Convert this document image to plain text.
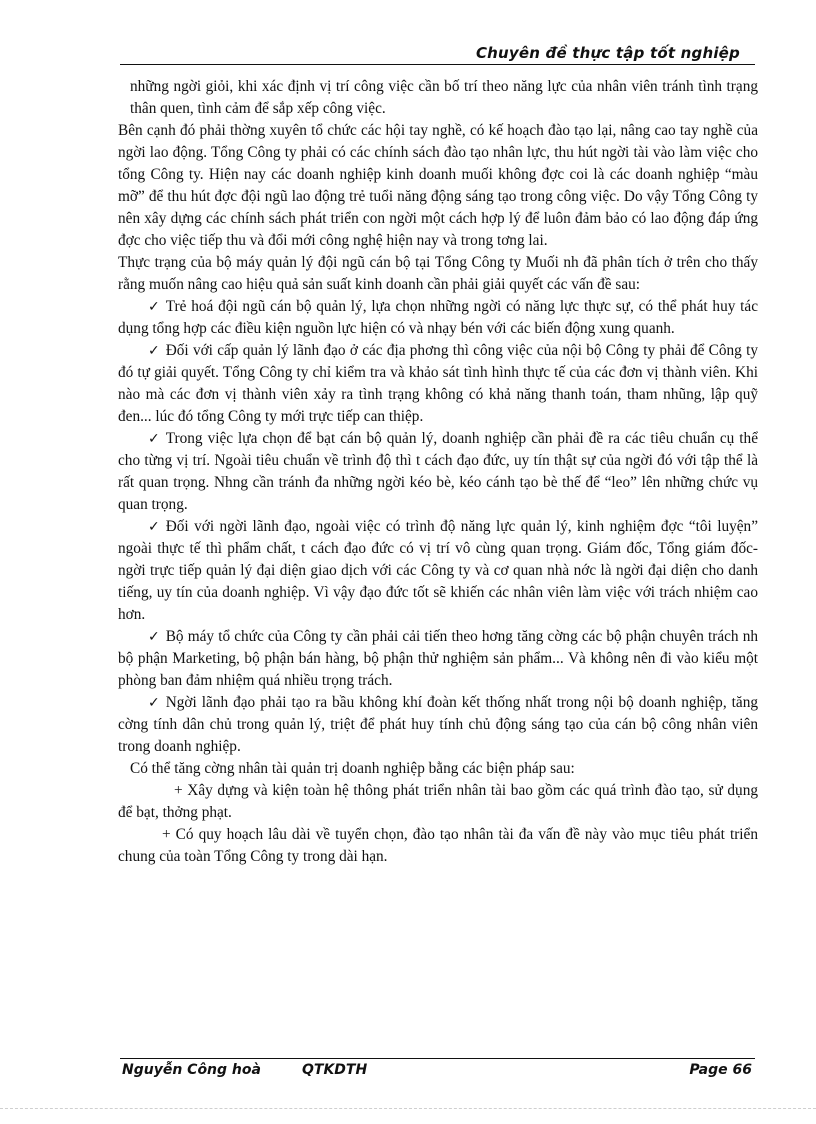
Chuyên đề thực tập tốt nghiệp

những ngời giỏi, khi xác định vị trí công việc cần bố trí theo năng lực của nhân viên tránh tình trạng thân quen, tình cảm để sắp xếp công việc.

Bên cạnh đó phải thờng xuyên tổ chức các hội tay nghề, có kế hoạch đào tạo lại, nâng cao tay nghề của ngời lao động. Tổng Công ty phải có các chính sách đào tạo nhân lực, thu hút ngời tài vào làm việc cho tổng Công ty. Hiện nay các doanh nghiệp kinh doanh muối không đợc coi là các doanh nghiệp “màu mỡ” để thu hút đợc đội ngũ lao động trẻ tuổi năng động sáng tạo trong công việc. Do vậy Tổng Công ty nên xây dựng các chính sách phát triển con ngời một cách hợp lý để luôn đảm bảo có lao động đáp ứng đợc cho việc tiếp thu và đổi mới công nghệ hiện nay và trong tơng lai.

Thực trạng của bộ máy quản lý đội ngũ cán bộ tại Tổng Công ty Muối nh đã phân tích ở trên cho thấy rằng muốn nâng cao hiệu quả sản suất kinh doanh cần phải giải quyết các vấn đề sau:

✓ Trẻ hoá đội ngũ cán bộ quản lý, lựa chọn những ngời có năng lực thực sự, có thể phát huy tác dụng tổng hợp các điều kiện nguồn lực hiện có và nhạy bén với các biến động xung quanh.

✓ Đối với cấp quản lý lãnh đạo ở các địa phơng thì công việc của nội bộ Công ty phải để Công ty đó tự giải quyết. Tổng Công ty chỉ kiểm tra và khảo sát tình hình thực tế của các đơn vị thành viên. Khi nào mà các đơn vị thành viên xảy ra tình trạng không có khả năng thanh toán, tham nhũng, lập quỹ đen... lúc đó tổng Công ty mới trực tiếp can thiệp.

✓ Trong việc lựa chọn để bạt cán bộ quản lý, doanh nghiệp cần phải đề ra các tiêu chuẩn cụ thể cho từng vị trí. Ngoài tiêu chuẩn về trình độ thì t cách đạo đức, uy tín thật sự của ngời đó với tập thể là rất quan trọng. Nhng cần tránh đa những ngời kéo bè, kéo cánh tạo bè thế để “leo” lên những chức vụ quan trọng.

✓ Đối với ngời lãnh đạo, ngoài việc có trình độ năng lực quản lý, kinh nghiệm đợc “tôi luyện” ngoài thực tế thì phẩm chất, t cách đạo đức có vị trí vô cùng quan trọng. Giám đốc, Tổng giám đốc- ngời trực tiếp quản lý đại diện giao dịch với các Công ty và cơ quan nhà nớc là ngời đại diện cho danh tiếng, uy tín của doanh nghiệp. Vì vậy đạo đức tốt sẽ khiến các nhân viên làm việc với trách nhiệm cao hơn.

✓ Bộ máy tổ chức của Công ty cần phải cải tiến theo hơng tăng cờng các bộ phận chuyên trách nh bộ phận Marketing, bộ phận bán hàng, bộ phận thử nghiệm sản phẩm... Và không nên đi vào kiểu một phòng ban đảm nhiệm quá nhiều trọng trách.

✓ Ngời lãnh đạo phải tạo ra bầu không khí đoàn kết thống nhất trong nội bộ doanh nghiệp, tăng cờng tính dân chủ trong quản lý, triệt để phát huy tính chủ động sáng tạo của cán bộ công nhân viên trong doanh nghiệp.

Có thể tăng cờng nhân tài quản trị doanh nghiệp bằng các biện pháp sau:

+ Xây dựng và kiện toàn hệ thông phát triển nhân tài bao gồm các quá trình đào tạo, sử dụng để bạt, thởng phạt.

+ Có quy hoạch lâu dài về tuyển chọn, đào tạo nhân tài đa vấn đề này vào mục tiêu phát triển chung của toàn Tổng Công ty trong dài hạn.

Nguyễn Công hoà	QTKDTH	Page 66
